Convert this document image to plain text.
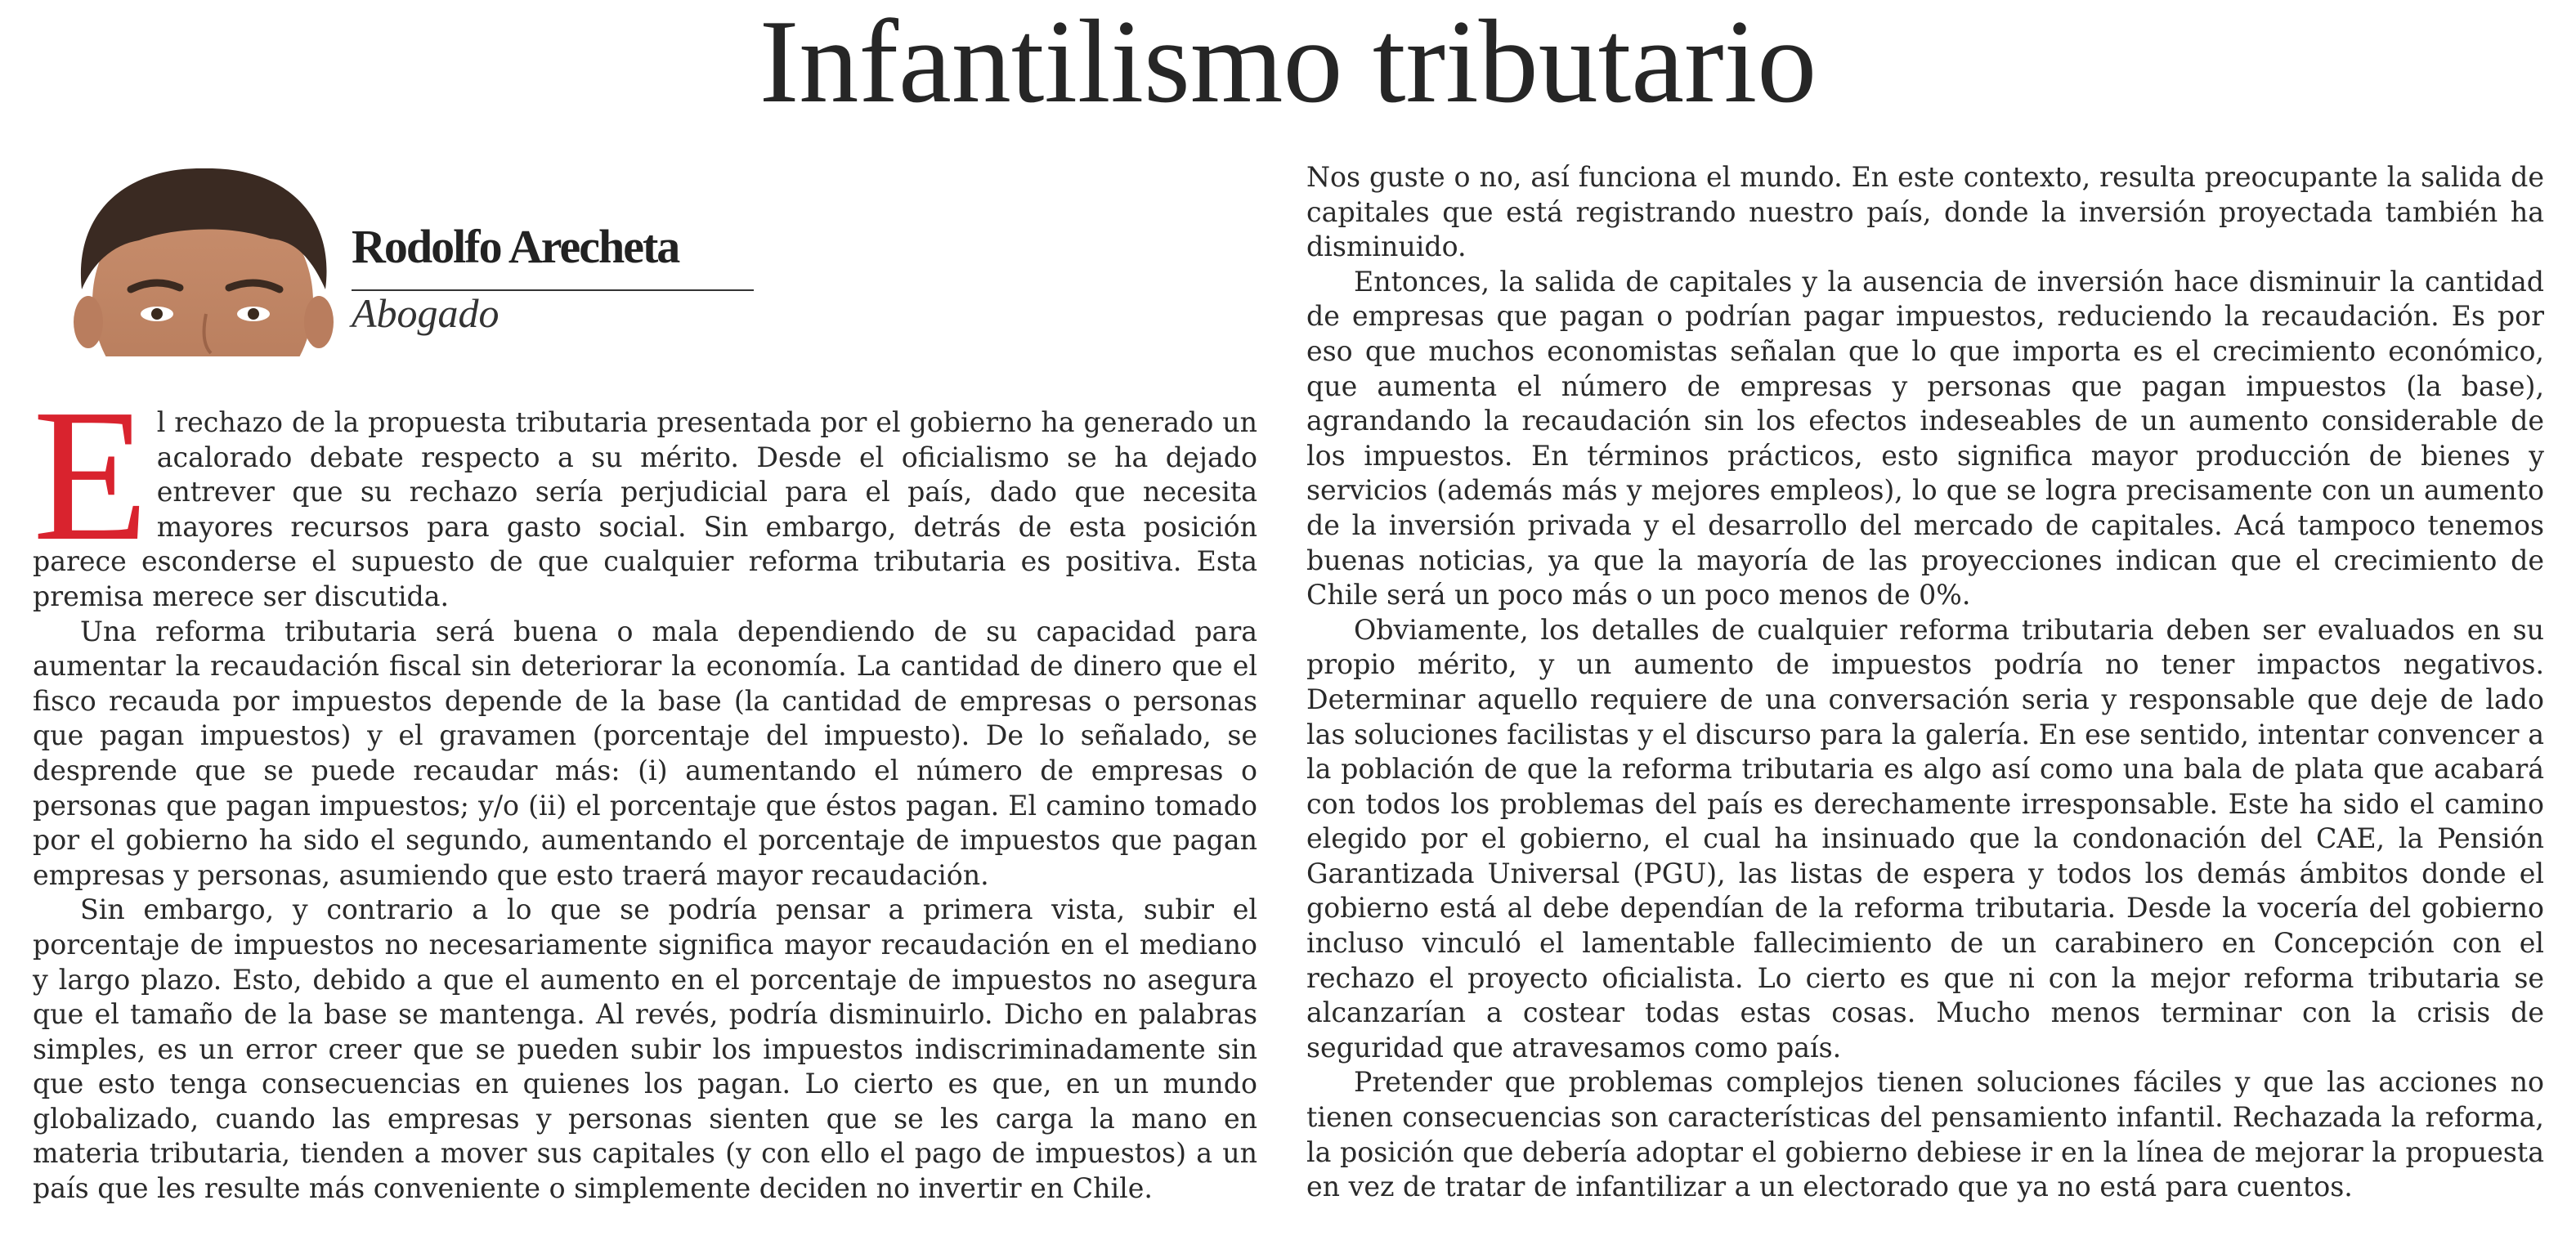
Infantilismo tributario
Rodolfo Arecheta
Abogado

El rechazo de la propuesta tributaria presentada por el gobierno ha generado un acalorado debate respecto a su mérito. Desde el oficialismo se ha dejado entrever que su rechazo sería perjudicial para el país, dado que necesita mayores recursos para gasto social. Sin embargo, detrás de esta posición parece esconderse el supuesto de que cualquier reforma tributaria es positiva. Esta premisa merece ser discutida.

Una reforma tributaria será buena o mala dependiendo de su capacidad para aumentar la recaudación fiscal sin deteriorar la economía. La cantidad de dinero que el fisco recauda por impuestos depende de la base (la cantidad de empresas o personas que pagan impuestos) y el gravamen (porcentaje del impuesto). De lo señalado, se desprende que se puede recaudar más: (i) aumentando el número de empresas o personas que pagan impuestos; y/o (ii) el porcentaje que éstos pagan. El camino tomado por el gobierno ha sido el segundo, aumentando el porcentaje de impuestos que pagan empresas y personas, asumiendo que esto traerá mayor recaudación.

Sin embargo, y contrario a lo que se podría pensar a primera vista, subir el porcentaje de impuestos no necesariamente significa mayor recaudación en el mediano y largo plazo. Esto, debido a que el aumento en el porcentaje de impuestos no asegura que el tamaño de la base se mantenga. Al revés, podría disminuirlo. Dicho en palabras simples, es un error creer que se pueden subir los impuestos indiscriminadamente sin que esto tenga consecuencias en quienes los pagan. Lo cierto es que, en un mundo globalizado, cuando las empresas y personas sienten que se les carga la mano en materia tributaria, tienden a mover sus capitales (y con ello el pago de impuestos) a un país que les resulte más conveniente o simplemente deciden no invertir en Chile.

Nos guste o no, así funciona el mundo. En este contexto, resulta preocupante la salida de capitales que está registrando nuestro país, donde la inversión proyectada también ha disminuido.

Entonces, la salida de capitales y la ausencia de inversión hace disminuir la cantidad de empresas que pagan o podrían pagar impuestos, reduciendo la recaudación. Es por eso que muchos economistas señalan que lo que importa es el crecimiento económico, que aumenta el número de empresas y personas que pagan impuestos (la base), agrandando la recaudación sin los efectos indeseables de un aumento considerable de los impuestos. En términos prácticos, esto significa mayor producción de bienes y servicios (además más y mejores empleos), lo que se logra precisamente con un aumento de la inversión privada y el desarrollo del mercado de capitales. Acá tampoco tenemos buenas noticias, ya que la mayoría de las proyecciones indican que el crecimiento de Chile será un poco más o un poco menos de 0%.

Obviamente, los detalles de cualquier reforma tributaria deben ser evaluados en su propio mérito, y un aumento de impuestos podría no tener impactos negativos. Determinar aquello requiere de una conversación seria y responsable que deje de lado las soluciones facilistas y el discurso para la galería. En ese sentido, intentar convencer a la población de que la reforma tributaria es algo así como una bala de plata que acabará con todos los problemas del país es derechamente irresponsable. Este ha sido el camino elegido por el gobierno, el cual ha insinuado que la condonación del CAE, la Pensión Garantizada Universal (PGU), las listas de espera y todos los demás ámbitos donde el gobierno está al debe dependían de la reforma tributaria. Desde la vocería del gobierno incluso vinculó el lamentable fallecimiento de un carabinero en Concepción con el rechazo el proyecto oficialista. Lo cierto es que ni con la mejor reforma tributaria se alcanzarían a costear todas estas cosas. Mucho menos terminar con la crisis de seguridad que atravesamos como país.

Pretender que problemas complejos tienen soluciones fáciles y que las acciones no tienen consecuencias son características del pensamiento infantil. Rechazada la reforma, la posición que debería adoptar el gobierno debiese ir en la línea de mejorar la propuesta en vez de tratar de infantilizar a un electorado que ya no está para cuentos.
